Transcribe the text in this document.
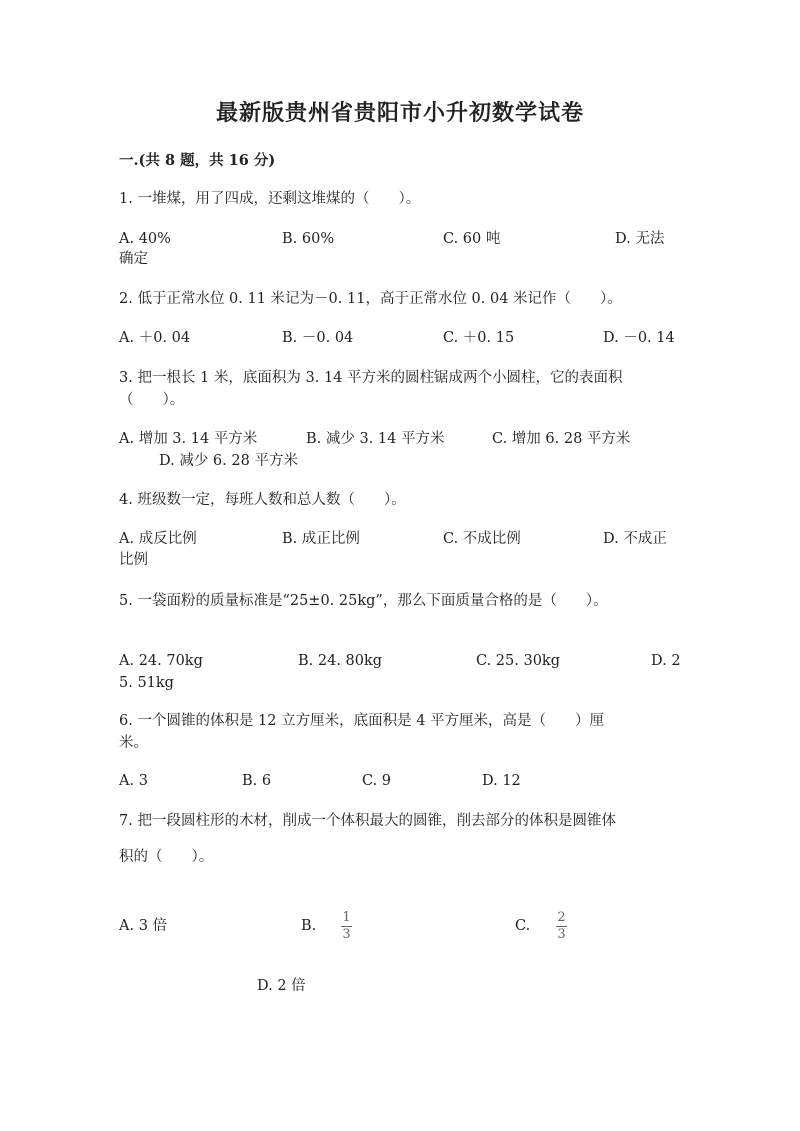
最新版贵州省贵阳市小升初数学试卷
一.(共 8 题，共 16 分)
1. 一堆煤，用了四成，还剩这堆煤的（　　）。
A. 40%	B. 60%	C. 60 吨	D. 无法
确定
2. 低于正常水位 0. 11 米记为－0. 11，高于正常水位 0. 04 米记作（　　）。
A. ＋0. 04	B. －0. 04	C. ＋0. 15	D. －0. 14
3. 把一根长 1 米，底面积为 3. 14 平方米的圆柱锯成两个小圆柱，它的表面积
（　　）。
A. 增加 3. 14 平方米	B. 减少 3. 14 平方米	C. 增加 6. 28 平方米
D. 减少 6. 28 平方米
4. 班级数一定，每班人数和总人数（　　）。
A. 成反比例	B. 成正比例	C. 不成比例	D. 不成正
比例
5. 一袋面粉的质量标准是“25±0. 25kg”，那么下面质量合格的是（　　）。
A. 24. 70kg	B. 24. 80kg	C. 25. 30kg	D. 2
5. 51kg
6. 一个圆锥的体积是 12 立方厘米，底面积是 4 平方厘米，高是（　　）厘
米。
A. 3	B. 6	C. 9	D. 12
7. 把一段圆柱形的木材，削成一个体积最大的圆锥，削去部分的体积是圆锥体
积的（　　）。
A. 3 倍	B.
1
3
C.
2
3
D. 2 倍
